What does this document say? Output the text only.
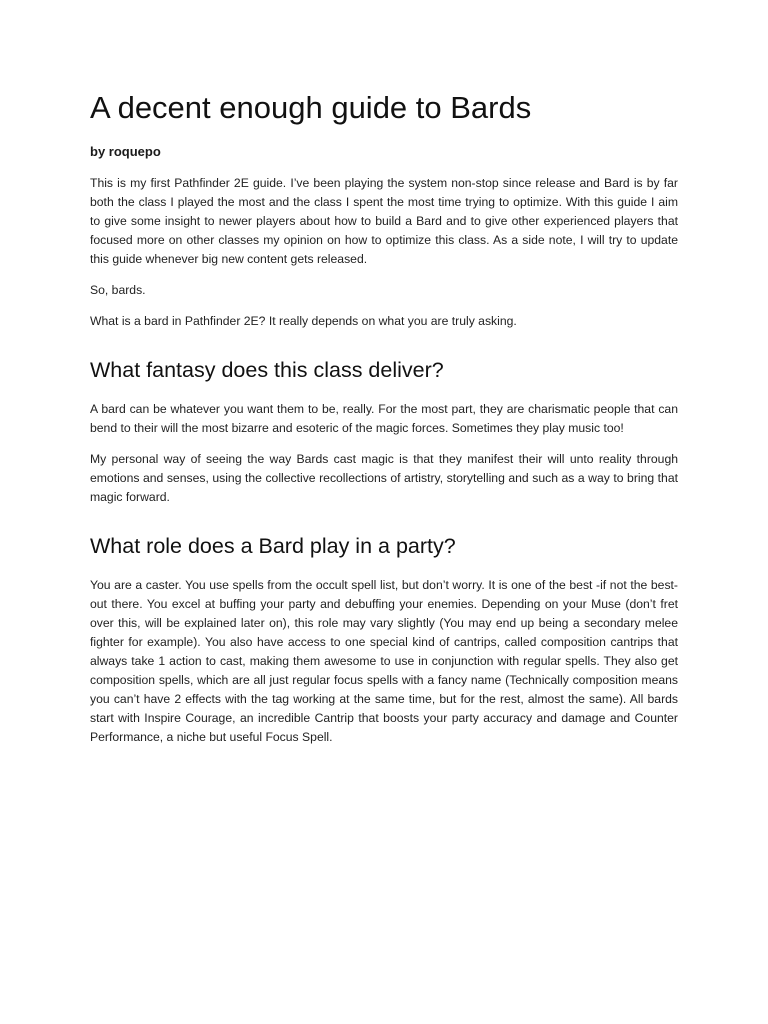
A decent enough guide to Bards
by roquepo

This is my first Pathfinder 2E guide. I’ve been playing the system non-stop since release and Bard is by far both the class I played the most and the class I spent the most time trying to optimize. With this guide I aim to give some insight to newer players about how to build a Bard and to give other experienced players that focused more on other classes my opinion on how to optimize this class. As a side note, I will try to update this guide whenever big new content gets released.

So, bards.

What is a bard in Pathfinder 2E? It really depends on what you are truly asking.

What fantasy does this class deliver?

A bard can be whatever you want them to be, really. For the most part, they are charismatic people that can bend to their will the most bizarre and esoteric of the magic forces. Sometimes they play music too!

My personal way of seeing the way Bards cast magic is that they manifest their will unto reality through emotions and senses, using the collective recollections of artistry, storytelling and such as a way to bring that magic forward.

What role does a Bard play in a party?

You are a caster. You use spells from the occult spell list, but don’t worry. It is one of the best -if not the best- out there. You excel at buffing your party and debuffing your enemies. Depending on your Muse (don’t fret over this, will be explained later on), this role may vary slightly (You may end up being a secondary melee fighter for example). You also have access to one special kind of cantrips, called composition cantrips that always take 1 action to cast, making them awesome to use in conjunction with regular spells. They also get composition spells, which are all just regular focus spells with a fancy name (Technically composition means you can’t have 2 effects with the tag working at the same time, but for the rest, almost the same). All bards start with Inspire Courage, an incredible Cantrip that boosts your party accuracy and damage and Counter Performance, a niche but useful Focus Spell.
